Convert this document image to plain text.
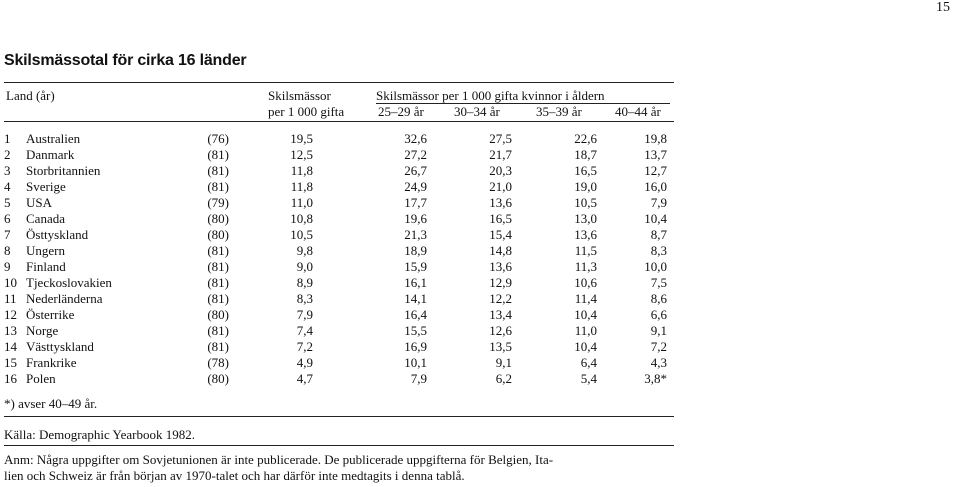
15
Skilsmässotal för cirka 16 länder
Land (år)	Skilsmässor
per 1 000 gifta
Skilsmässor per 1 000 gifta kvinnor i åldern
25–29 år 30–34 år	35–39 år	40–44 år
1	Australien	(76)	19,5	32,6	27,5	22,6	19,8
2	Danmark	(81)	12,5	27,2	21,7	18,7	13,7
3	Storbritannien	(81)	11,8	26,7	20,3	16,5	12,7
4	Sverige	(81)	11,8	24,9	21,0	19,0	16,0
5	USA	(79)	11,0	17,7	13,6	10,5	7,9
6	Canada	(80)	10,8	19,6	16,5	13,0	10,4
7	Östtyskland	(80)	10,5	21,3	15,4	13,6	8,7
8	Ungern	(81)	9,8	18,9	14,8	11,5	8,3
9	Finland	(81)	9,0	15,9	13,6	11,3	10,0
10	Tjeckoslovakien	(81)	8,9	16,1	12,9	10,6	7,5
11	Nederländerna	(81)	8,3	14,1	12,2	11,4	8,6
12	Österrike	(80)	7,9	16,4	13,4	10,4	6,6
13	Norge	(81)	7,4	15,5	12,6	11,0	9,1
14	Västtyskland	(81)	7,2	16,9	13,5	10,4	7,2
15	Frankrike	(78)	4,9	10,1	9,1	6,4	4,3
16	Polen	(80)	4,7	7,9	6,2	5,4	3,8*
*) avser 40–49 år.
Källa: Demographic Yearbook 1982.
Anm: Några uppgifter om Sovjetunionen är inte publicerade. De publicerade uppgifterna för Belgien, Ita-
lien och Schweiz är från början av 1970-talet och har därför inte medtagits i denna tablå.
